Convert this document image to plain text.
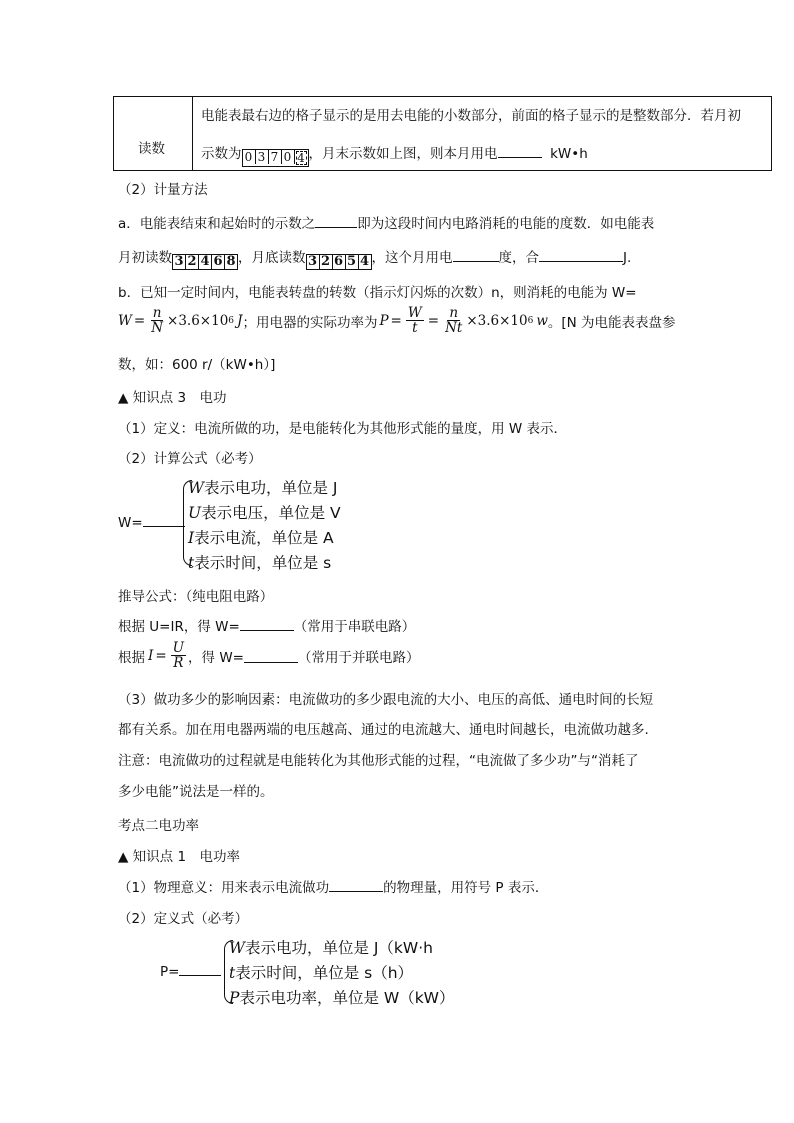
读数
电能表最右边的格子显示的是用去电能的小数部分，前面的格子显示的是整数部分．若月初
示数为 0 3 7 0 4 ，月末示数如上图，则本月用电	kW•h
（2）计量方法
a．电能表结束和起始时的示数之	即为这段时间内电路消耗的电能的度数．如电能表
月初读数 3 2 4 6 8 ，月底读数 3 2 6 5 4 ，这个月用电	度，合	J.
b．已知一定时间内，电能表转盘的转数（指示灯闪烁的次数）n，则消耗的电能为 W=
$W = \frac{n}{N} \times 3.6\times 10$ 6 J ；用电器的实际功率为 $P = \frac{W}{t} = \frac{n}{Nt} \times 3.6\times 10$ 6 w 。[N 为电能表表盘参
数，如：600 r/（kW•h）]
▲ 知识点 3　电功
（1）定义：电流所做的功，是电能转化为其他形式能的量度，用 W 表示．
（2）计算公式（必考）
W=
W表示电功，单位是 J
U表示电压，单位是 V
I表示电流，单位是 A
t表示时间，单位是 s
推导公式：（纯电阻电路）
根据 U=IR，得 W=	（常用于串联电路）
根据 $I = \frac{U}{R}$ ，得 W=	（常用于并联电路）
（3）做功多少的影响因素：电流做功的多少跟电流的大小、电压的高低、通电时间的长短
都有关系。加在用电器两端的电压越高、通过的电流越大、通电时间越长，电流做功越多.
注意：电流做功的过程就是电能转化为其他形式能的过程，“电流做了多少功”与“消耗了
多少电能”说法是一样的。
考点二电功率
▲ 知识点 1　电功率
（1）物理意义：用来表示电流做功	的物理量，用符号 P 表示．
（2）定义式（必考）
P=
W表示电功，单位是 J（kW·h
t表示时间，单位是 s（h）
P表示电功率，单位是 W（kW）
